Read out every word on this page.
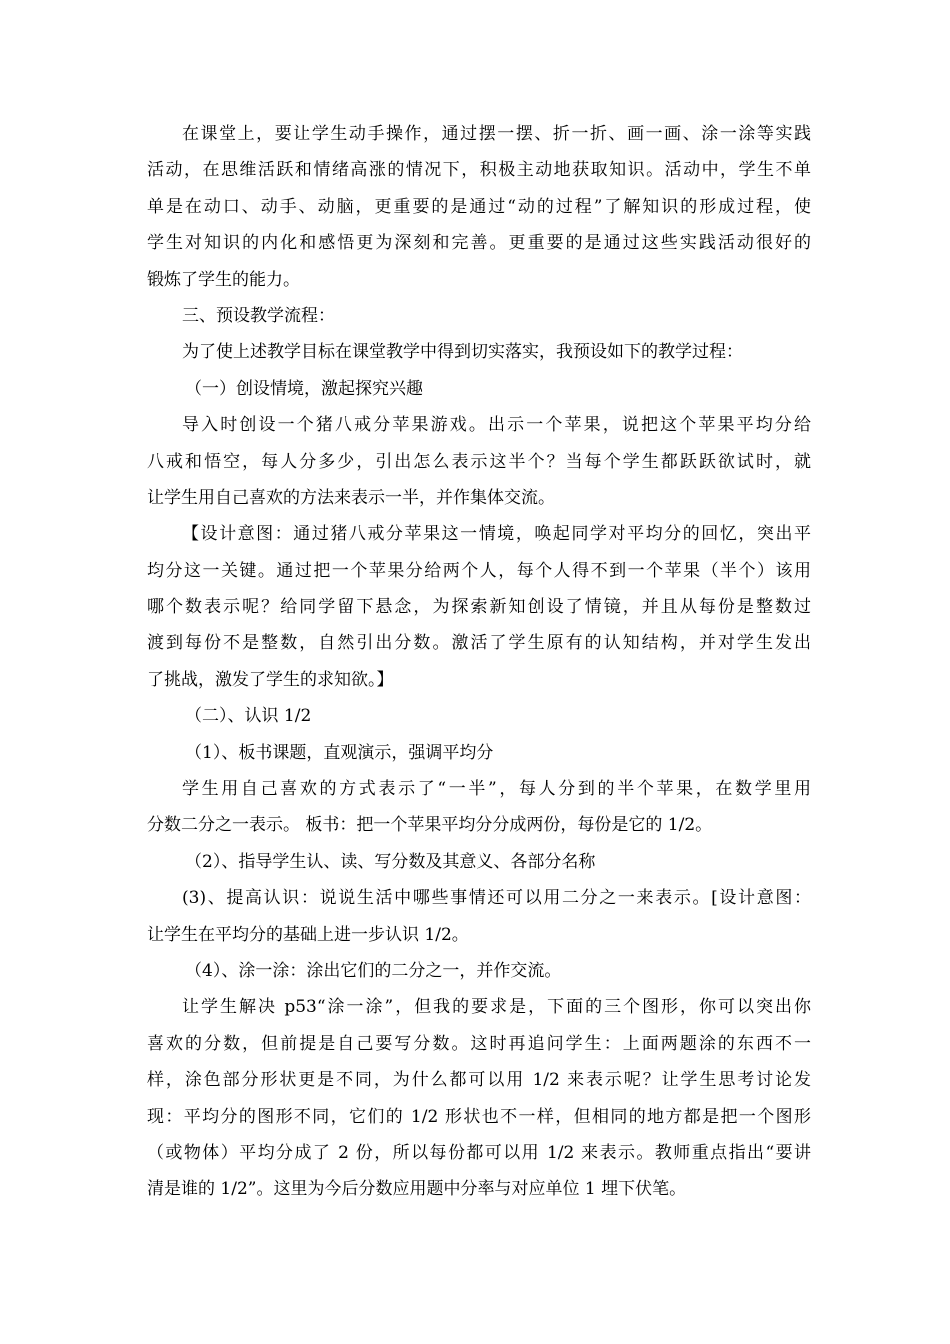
在课堂上，要让学生动手操作，通过摆一摆、折一折、画一画、涂一涂等实践
活动，在思维活跃和情绪高涨的情况下，积极主动地获取知识。活动中，学生不单
单是在动口、动手、动脑，更重要的是通过“动的过程”了解知识的形成过程，使
学生对知识的内化和感悟更为深刻和完善。更重要的是通过这些实践活动很好的
锻炼了学生的能力。
三、预设教学流程：
为了使上述教学目标在课堂教学中得到切实落实，我预设如下的教学过程：
（一）创设情境，激起探究兴趣
导入时创设一个猪八戒分苹果游戏。出示一个苹果，说把这个苹果平均分给
八戒和悟空，每人分多少，引出怎么表示这半个？当每个学生都跃跃欲试时，就
让学生用自己喜欢的方法来表示一半，并作集体交流。
【设计意图：通过猪八戒分苹果这一情境，唤起同学对平均分的回忆，突出平
均分这一关键。通过把一个苹果分给两个人，每个人得不到一个苹果（半个）该用
哪个数表示呢？给同学留下悬念，为探索新知创设了情镜，并且从每份是整数过
渡到每份不是整数，自然引出分数。激活了学生原有的认知结构，并对学生发出
了挑战，激发了学生的求知欲。】
（二）、认识 1/2
（1）、板书课题，直观演示，强调平均分
学生用自己喜欢的方式表示了“一半”，每人分到的半个苹果，在数学里用
分数二分之一表示。 板书：把一个苹果平均分分成两份，每份是它的 1/2。
（2）、指导学生认、读、写分数及其意义、各部分名称
(3)、提高认识：说说生活中哪些事情还可以用二分之一来表示。[设计意图：
让学生在平均分的基础上进一步认识 1/2。
（4）、涂一涂：涂出它们的二分之一，并作交流。
让学生解决 p53“涂一涂”，但我的要求是，下面的三个图形，你可以突出你
喜欢的分数，但前提是自己要写分数。这时再追问学生：上面两题涂的东西不一
样，涂色部分形状更是不同，为什么都可以用 1/2 来表示呢？让学生思考讨论发
现：平均分的图形不同，它们的 1/2 形状也不一样，但相同的地方都是把一个图形
（或物体）平均分成了 2 份，所以每份都可以用 1/2 来表示。教师重点指出“要讲
清是谁的 1/2”。这里为今后分数应用题中分率与对应单位 1 埋下伏笔。
